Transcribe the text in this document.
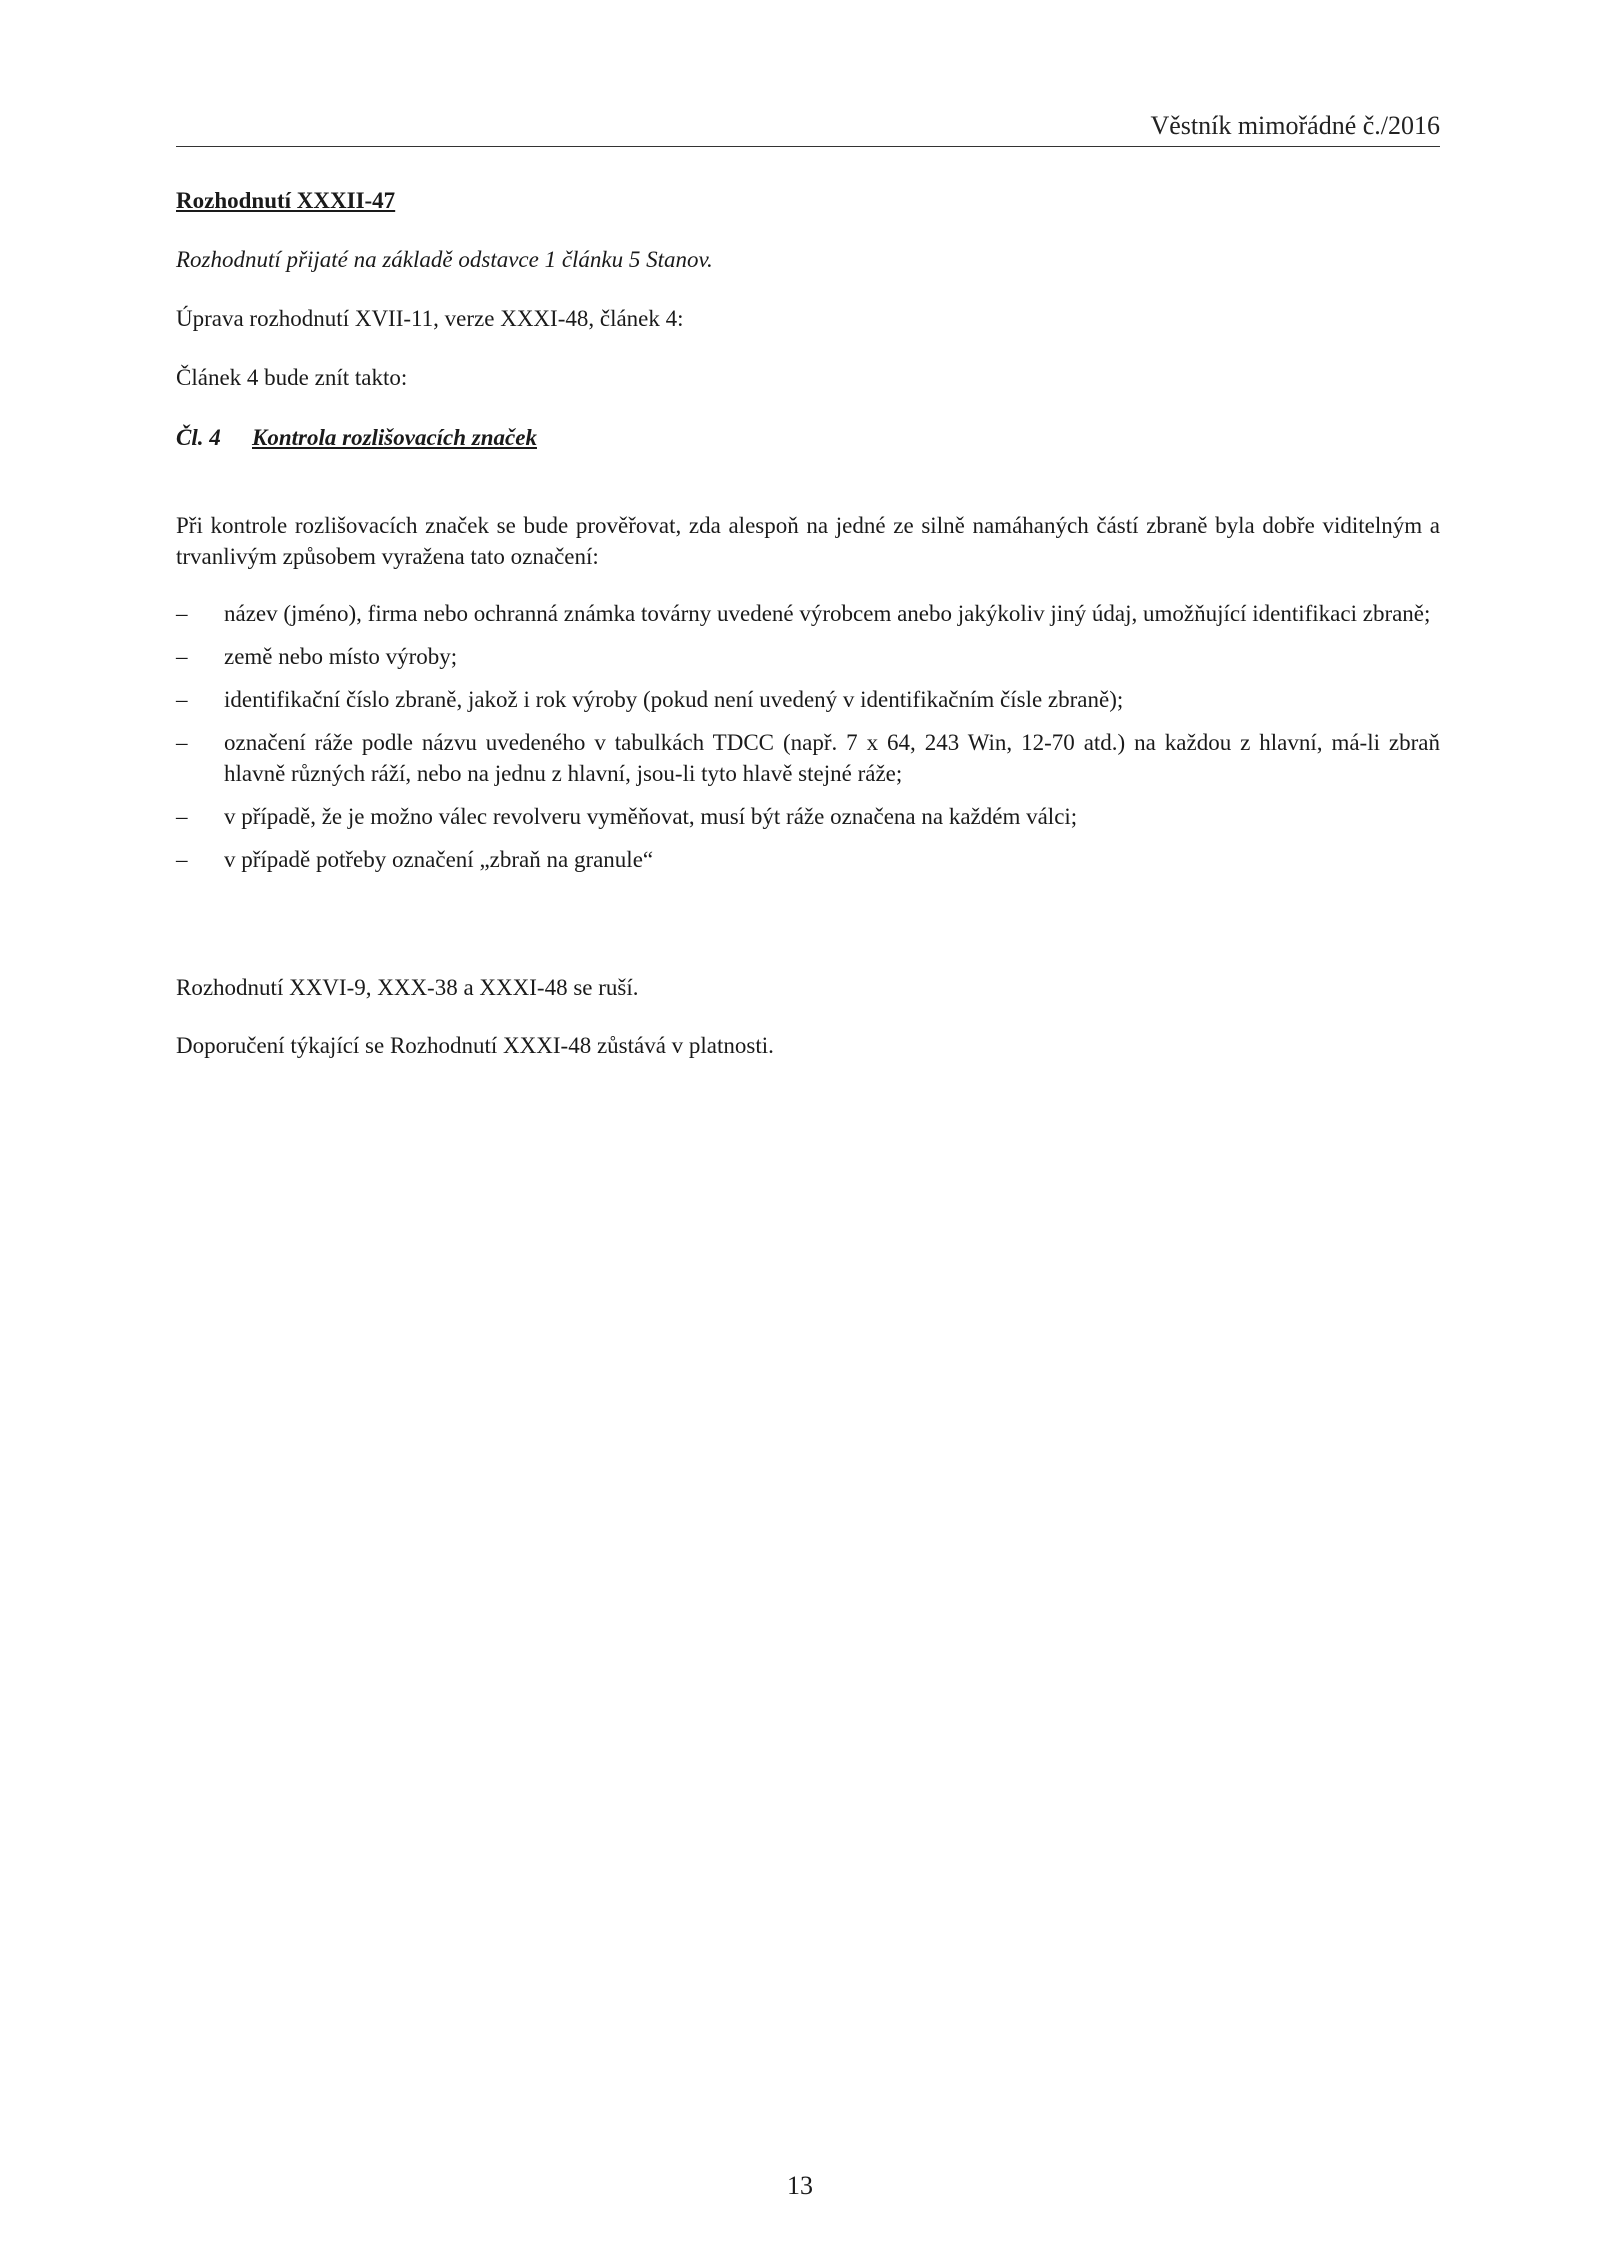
Věstník mimořádné č./2016
Rozhodnutí XXXII-47
Rozhodnutí přijaté na základě odstavce 1 článku 5 Stanov.
Úprava rozhodnutí XVII-11, verze XXXI-48, článek 4:
Článek 4 bude znít takto:
Čl. 4 Kontrola rozlišovacích značek
Při kontrole rozlišovacích značek se bude prověřovat, zda alespoň na jedné ze silně namáhaných částí zbraně byla dobře viditelným a trvanlivým způsobem vyražena tato označení:
–	název (jméno), firma nebo ochranná známka továrny uvedené výrobcem anebo jakýkoliv jiný údaj, umožňující identifikaci zbraně;
–	země nebo místo výroby;
–	identifikační číslo zbraně, jakož i rok výroby (pokud není uvedený v identifikačním čísle zbraně);
–	označení ráže podle názvu uvedeného v tabulkách TDCC (např. 7 x 64, 243 Win, 12-70 atd.) na každou z hlavní, má-li zbraň hlavně různých ráží, nebo na jednu z hlavní, jsou-li tyto hlavě stejné ráže;
–	v případě, že je možno válec revolveru vyměňovat, musí být ráže označena na každém válci;
–	v případě potřeby označení „zbraň na granule“
Rozhodnutí XXVI-9, XXX-38 a XXXI-48 se ruší.
Doporučení týkající se Rozhodnutí XXXI-48 zůstává v platnosti.
13
